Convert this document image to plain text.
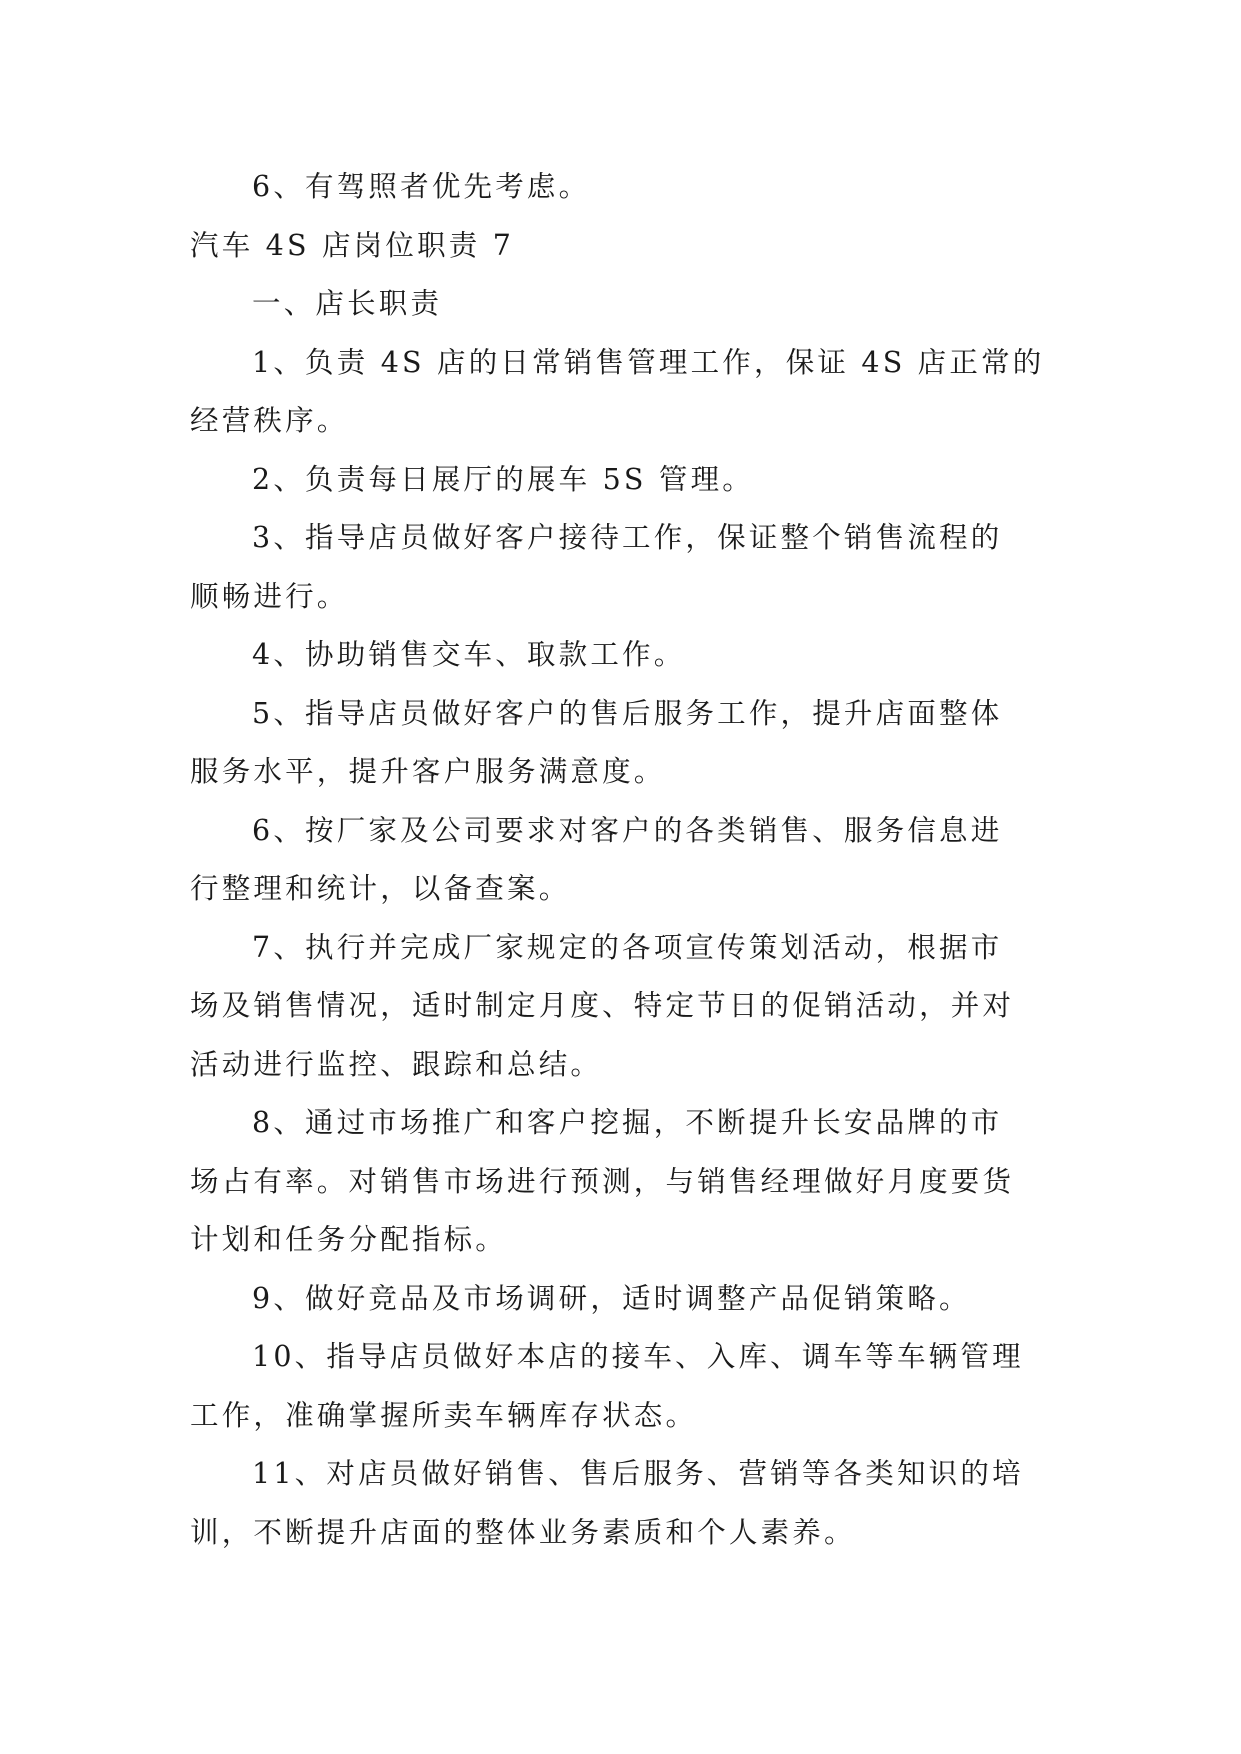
6、有驾照者优先考虑。
汽车 4S 店岗位职责 7
一、店长职责
1、负责 4S 店的日常销售管理工作，保证 4S 店正常的
经营秩序。
2、负责每日展厅的展车 5S 管理。
3、指导店员做好客户接待工作，保证整个销售流程的
顺畅进行。
4、协助销售交车、取款工作。
5、指导店员做好客户的售后服务工作，提升店面整体
服务水平，提升客户服务满意度。
6、按厂家及公司要求对客户的各类销售、服务信息进
行整理和统计，以备查案。
7、执行并完成厂家规定的各项宣传策划活动，根据市
场及销售情况，适时制定月度、特定节日的促销活动，并对
活动进行监控、跟踪和总结。
8、通过市场推广和客户挖掘，不断提升长安品牌的市
场占有率。对销售市场进行预测，与销售经理做好月度要货
计划和任务分配指标。
9、做好竞品及市场调研，适时调整产品促销策略。
10、指导店员做好本店的接车、入库、调车等车辆管理
工作，准确掌握所卖车辆库存状态。
11、对店员做好销售、售后服务、营销等各类知识的培
训，不断提升店面的整体业务素质和个人素养。
